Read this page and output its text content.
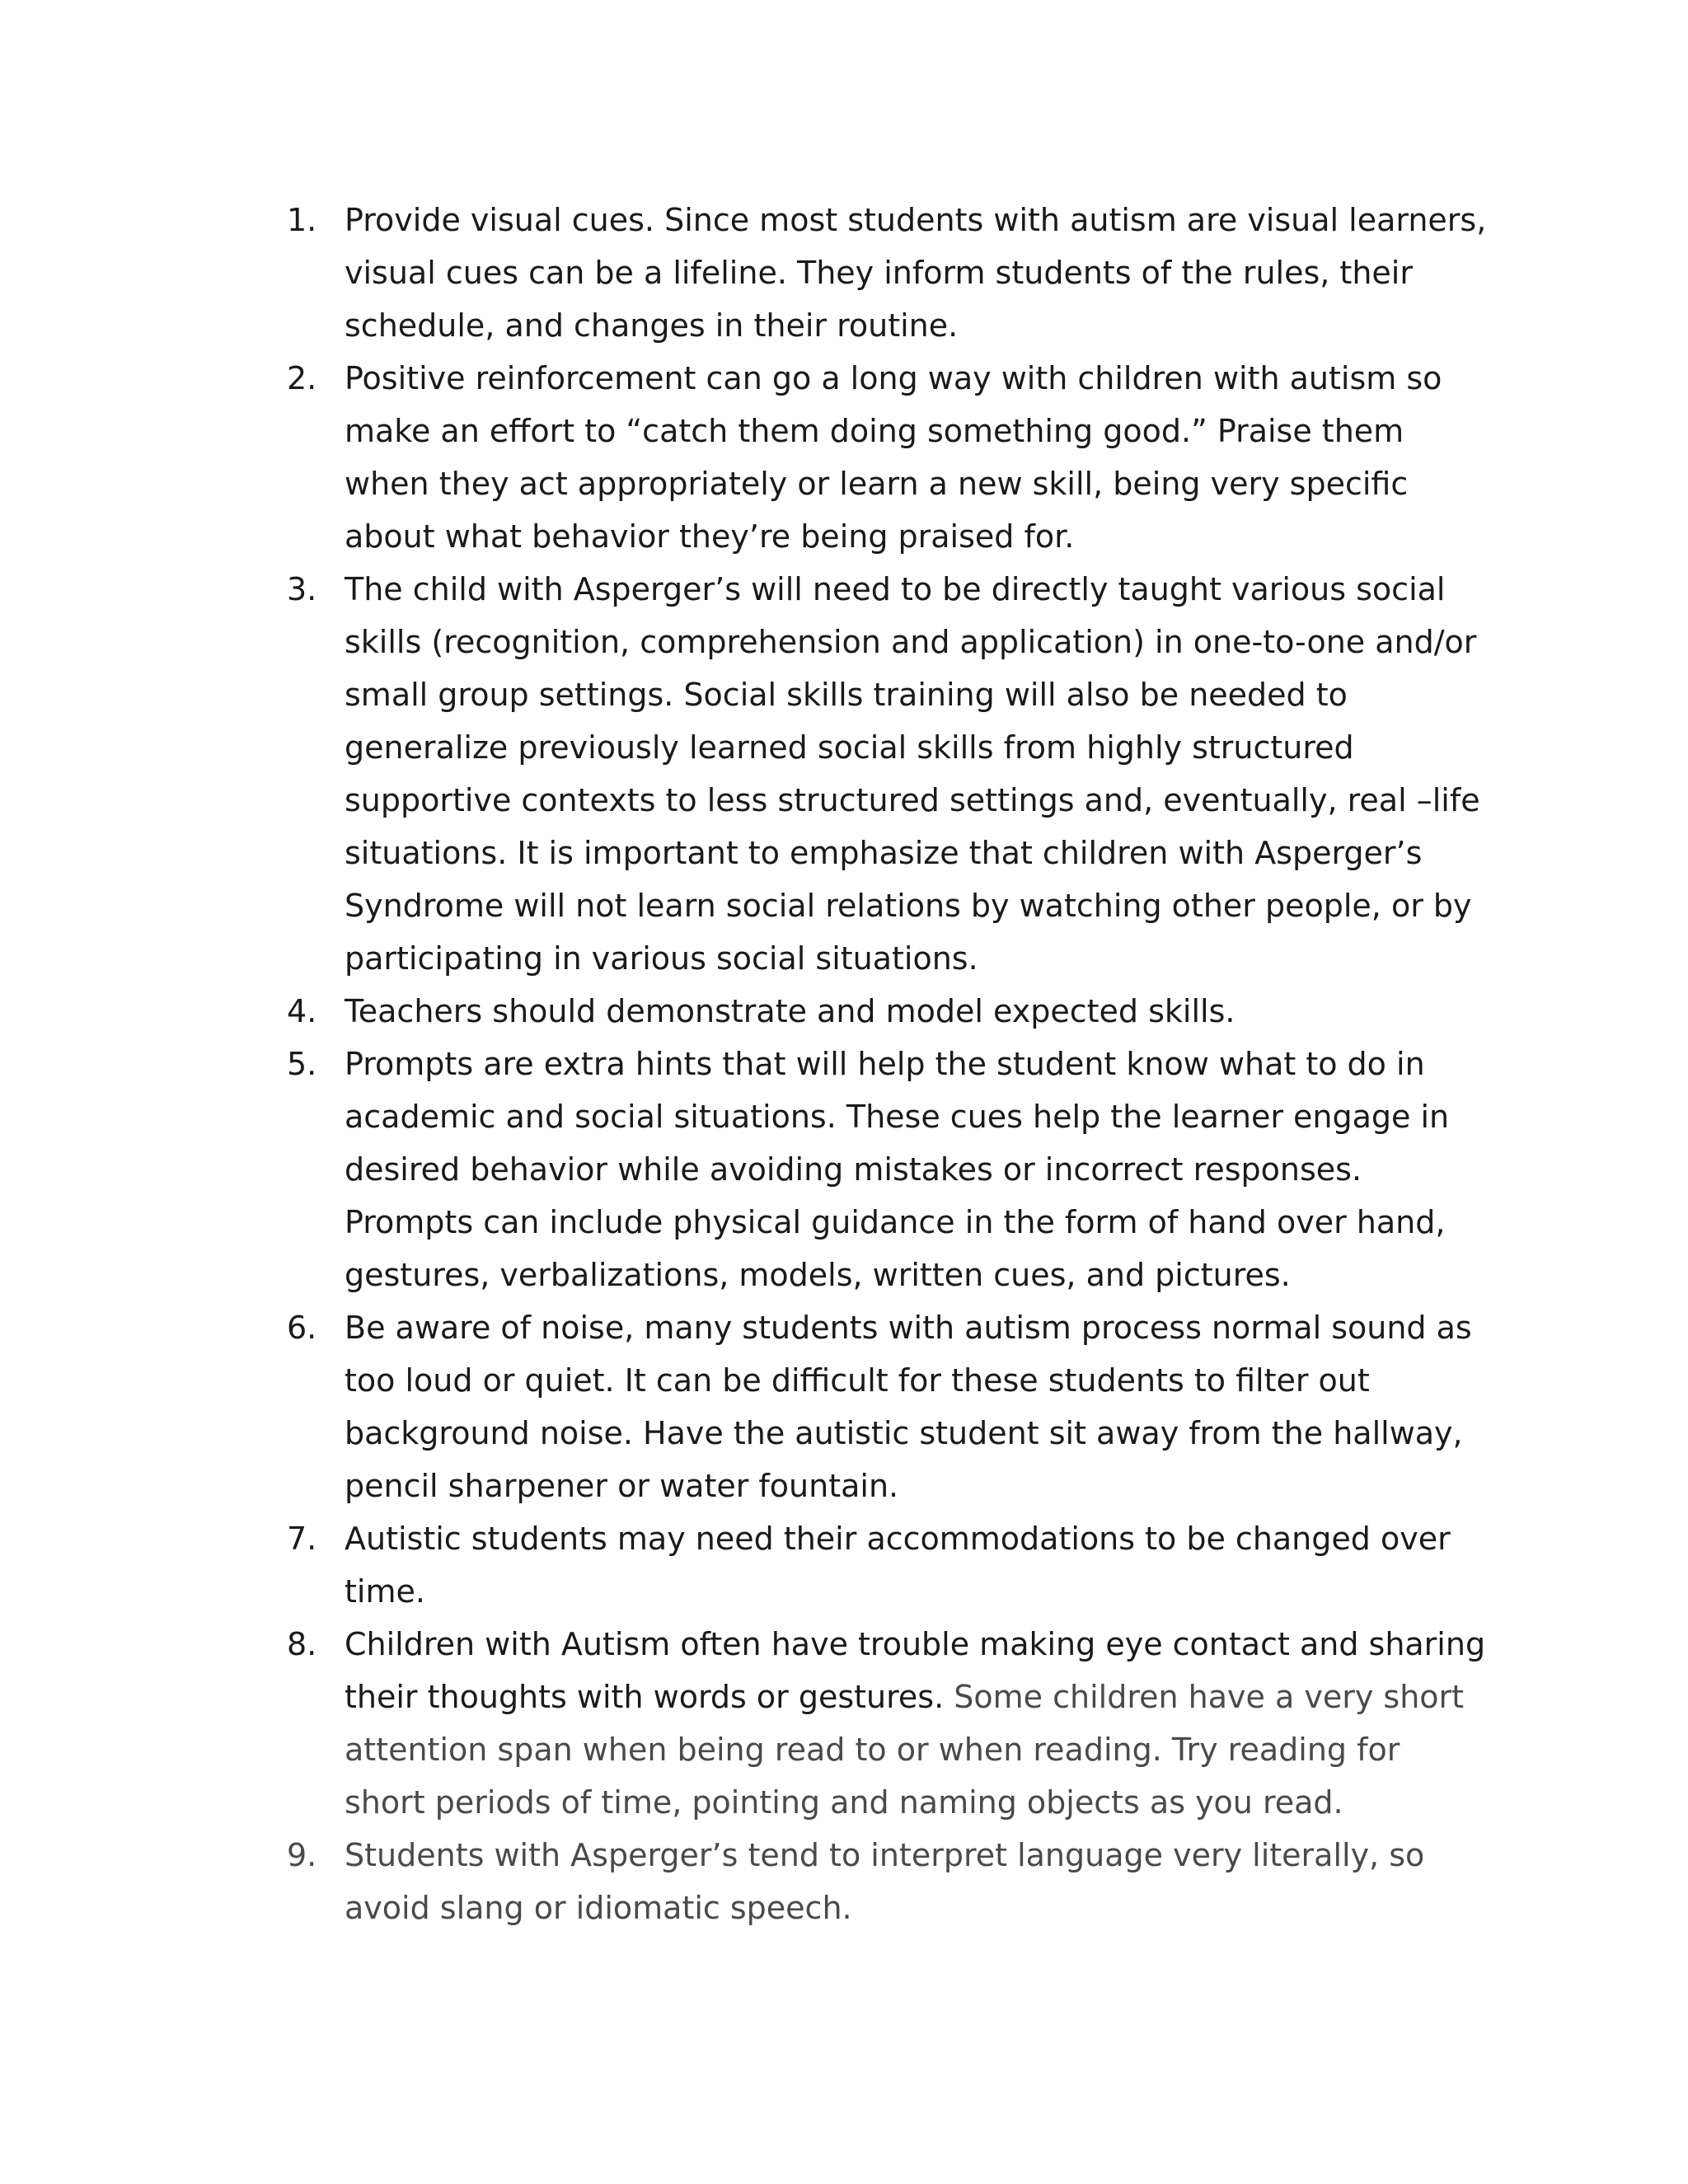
1. Provide visual cues. Since most students with autism are visual learners, visual cues can be a lifeline. They inform students of the rules, their schedule, and changes in their routine.
2. Positive reinforcement can go a long way with children with autism so make an effort to “catch them doing something good.” Praise them when they act appropriately or learn a new skill, being very specific about what behavior they’re being praised for.
3. The child with Asperger’s will need to be directly taught various social skills (recognition, comprehension and application) in one-to-one and/or small group settings. Social skills training will also be needed to generalize previously learned social skills from highly structured supportive contexts to less structured settings and, eventually, real –life situations. It is important to emphasize that children with Asperger’s Syndrome will not learn social relations by watching other people, or by participating in various social situations.
4. Teachers should demonstrate and model expected skills.
5. Prompts are extra hints that will help the student know what to do in academic and social situations. These cues help the learner engage in desired behavior while avoiding mistakes or incorrect responses. Prompts can include physical guidance in the form of hand over hand, gestures, verbalizations, models, written cues, and pictures.
6. Be aware of noise, many students with autism process normal sound as too loud or quiet. It can be difficult for these students to filter out background noise. Have the autistic student sit away from the hallway, pencil sharpener or water fountain.
7. Autistic students may need their accommodations to be changed over time.
8. Children with Autism often have trouble making eye contact and sharing their thoughts with words or gestures. Some children have a very short attention span when being read to or when reading. Try reading for short periods of time, pointing and naming objects as you read.
9. Students with Asperger’s tend to interpret language very literally, so avoid slang or idiomatic speech.
